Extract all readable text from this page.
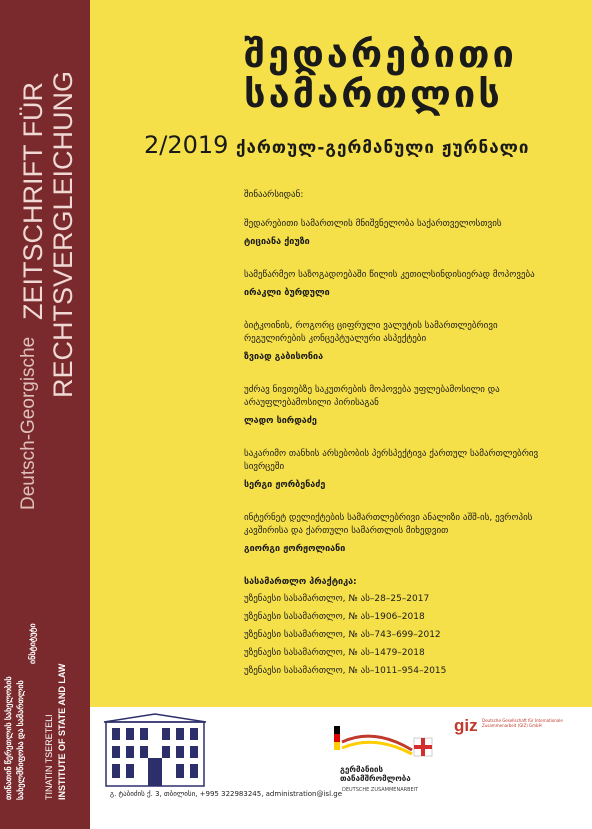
ZEITSCHRIFT FÜR RECHTSVERGLEICHUNG
Deutsch-Georgische
თინათინ წერეთლის სახელობის სახელმწიფოსა და სამართლის
ინსტიტუტი
TINATIN TSERETELI INSTITUTE OF STATE AND LAW
შედარებითი
სამართლის
2/2019 ქართულ-გერმანული ჟურნალი
შინაარსიდან:
შედარებითი სამართლის მნიშვნელობა საქართველოსთვის
ტიციანა ქიუზი
სამეწარმეო საზოგადოებაში წილის კეთილსინდისიერად მოპოვება
ირაკლი ბურდული
ბიტკოინის, როგორც ციფრული ვალუტის სამართლებრივი
რეგულირების კონცეპტუალური ასპექტები
ზვიად გაბისონია
უძრავ ნივთებზე საკუთრების მოპოვება უფლებამოსილი და
არაუფლებამოსილი პირისაგან
ლადო სირდაძე
საკარიმო თანხის არსებობის პერსპექტივა ქართულ სამართლებრივ
სივრცეში
სერგი ჟორბენაძე
ინტერნეტ დელიქტების სამართლებრივი ანალიზი აშშ-ის, ევროპის
კავშირისა და ქართული სამართლის მიხედვით
გიორგი ჟორჟოლიანი
სასამართლო პრაქტიკა:
უზენაესი სასამართლო, № ას–28–25–2017
უზენაესი სასამართლო, № ას–1906–2018
უზენაესი სასამართლო, № ას–743–699–2012
უზენაესი სასამართლო, № ას–1479–2018
უზენაესი სასამართლო, № ას–1011–954–2015
გ. ტაბიძის ქ. 3, თბილისი, +995 322983245, administration@isl.ge
გერმანიის
თანამშრომლობა
DEUTSCHE ZUSAMMENARBEIT
giz Deutsche Gesellschaft für Internationale Zusammenarbeit (GIZ) GmbH
